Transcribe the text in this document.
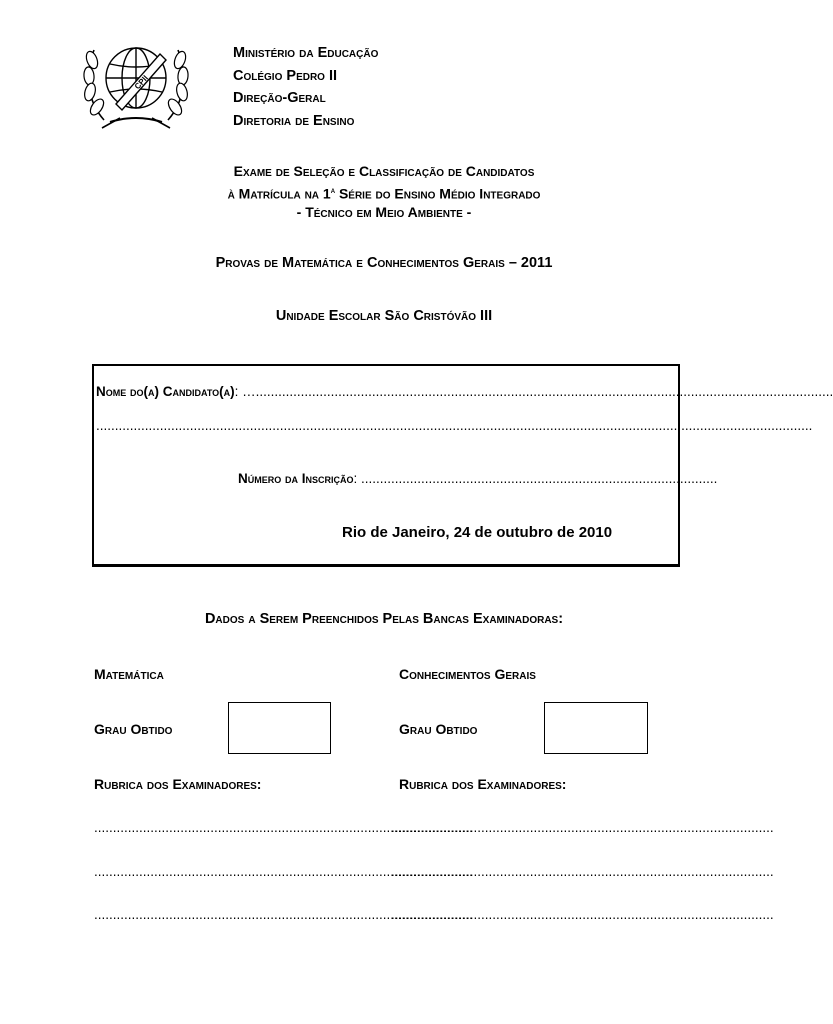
CPII
Ministério da Educação
Colégio Pedro II
Direção-Geral
Diretoria de Ensino
Exame de Seleção e Classificação de Candidatos
à Matrícula na 1$^a$ Série do Ensino Médio Integrado
- Técnico em Meio Ambiente -
Provas de Matemática e Conhecimentos Gerais – 2011
Unidade Escolar São Cristóvão III
Nome do(a) Candidato(a): …..........................................................................................................................................................
...............................................................................................................................................................................................
Número da Inscrição: ...............................................................................................
Rio de Janeiro, 24 de outubro de 2010
Dados a Serem Preenchidos Pelas Bancas Examinadoras:
Matemática
Grau Obtido
Rubrica dos Examinadores:
.....................................................................................................
.....................................................................................................
.....................................................................................................
Conhecimentos Gerais
Grau Obtido
Rubrica dos Examinadores:
......................................................................................................
......................................................................................................
......................................................................................................
